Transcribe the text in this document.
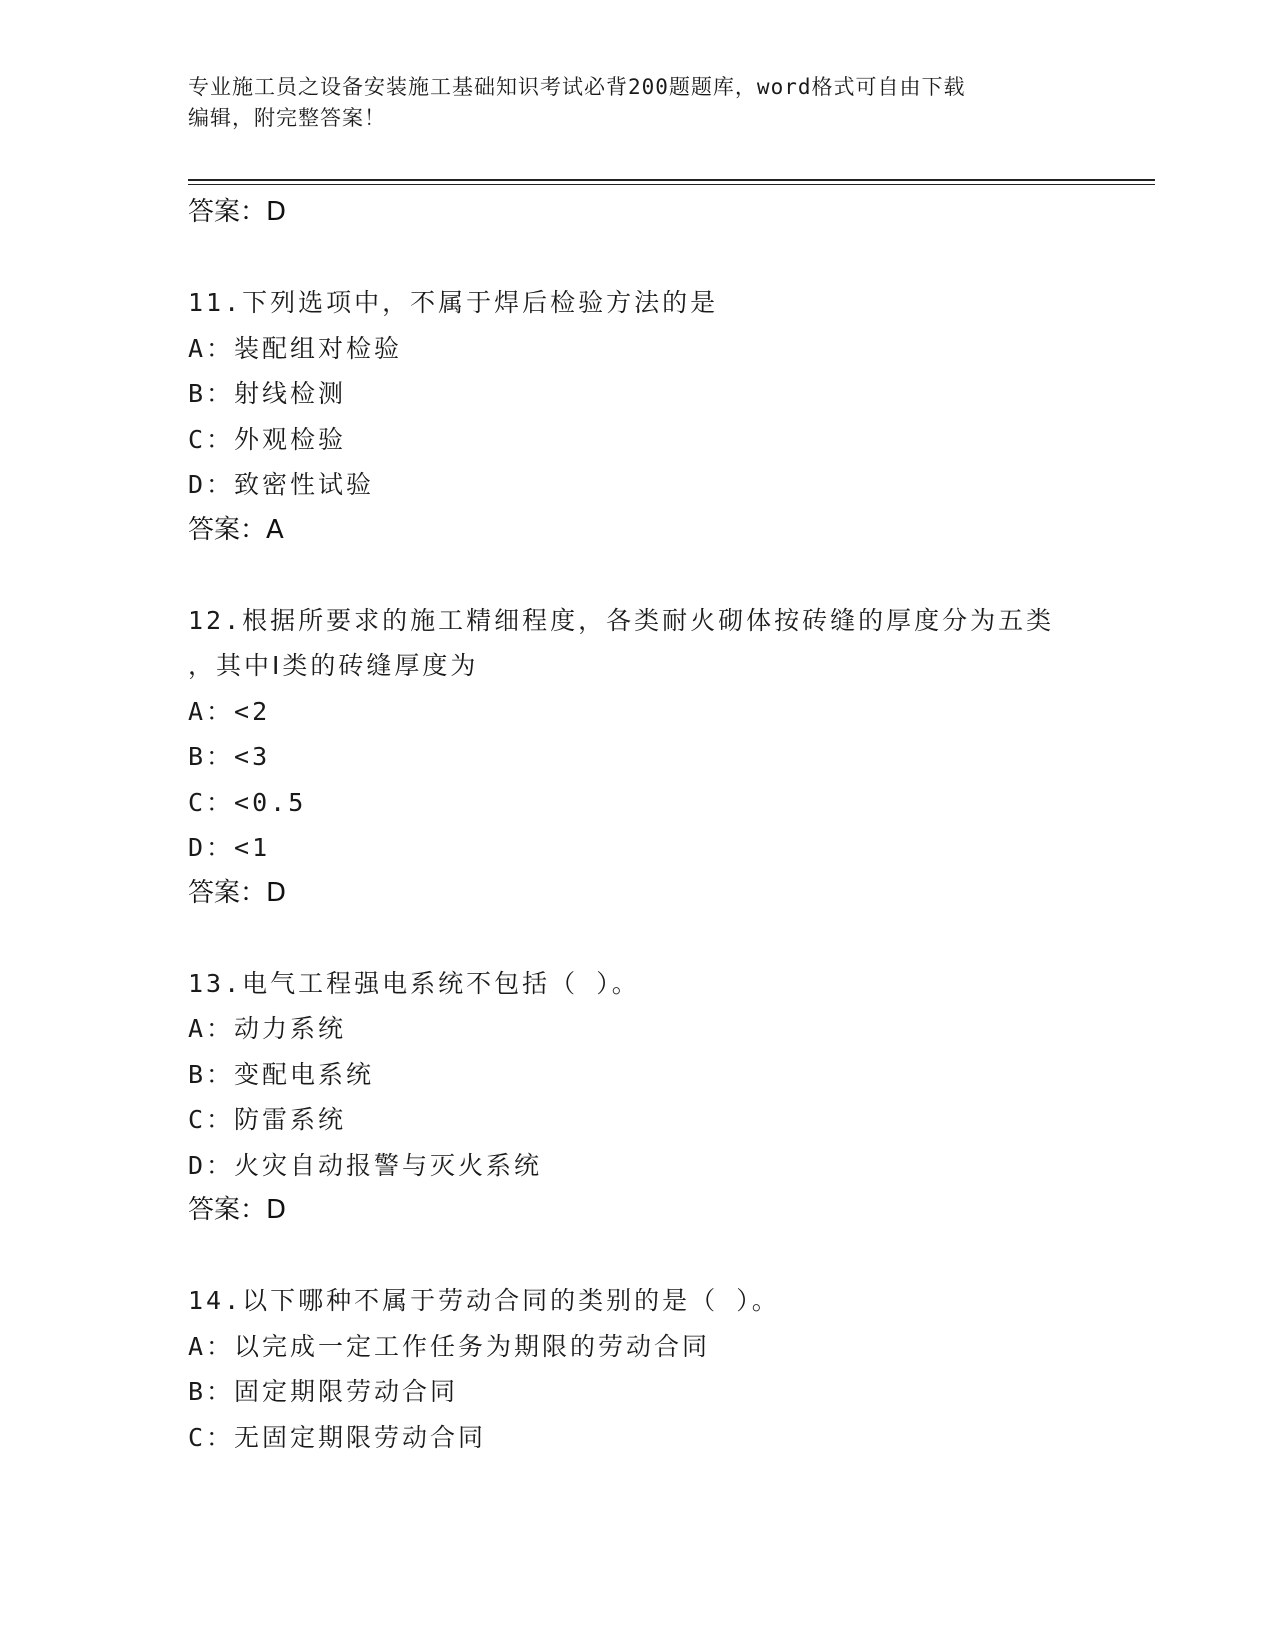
专业施工员之设备安装施工基础知识考试必背200题题库，word格式可自由下载
编辑，附完整答案！
答案：D
11.下列选项中，不属于焊后检验方法的是
A：装配组对检验
B：射线检测
C：外观检验
D：致密性试验
答案：A
12.根据所要求的施工精细程度，各类耐火砌体按砖缝的厚度分为五类
，其中Ⅰ类的砖缝厚度为
A：<2
B：<3
C：<0.5
D：<1
答案：D
13.电气工程强电系统不包括（ ）。
A：动力系统
B：变配电系统
C：防雷系统
D：火灾自动报警与灭火系统
答案：D
14.以下哪种不属于劳动合同的类别的是（ ）。
A：以完成一定工作任务为期限的劳动合同
B：固定期限劳动合同
C：无固定期限劳动合同
